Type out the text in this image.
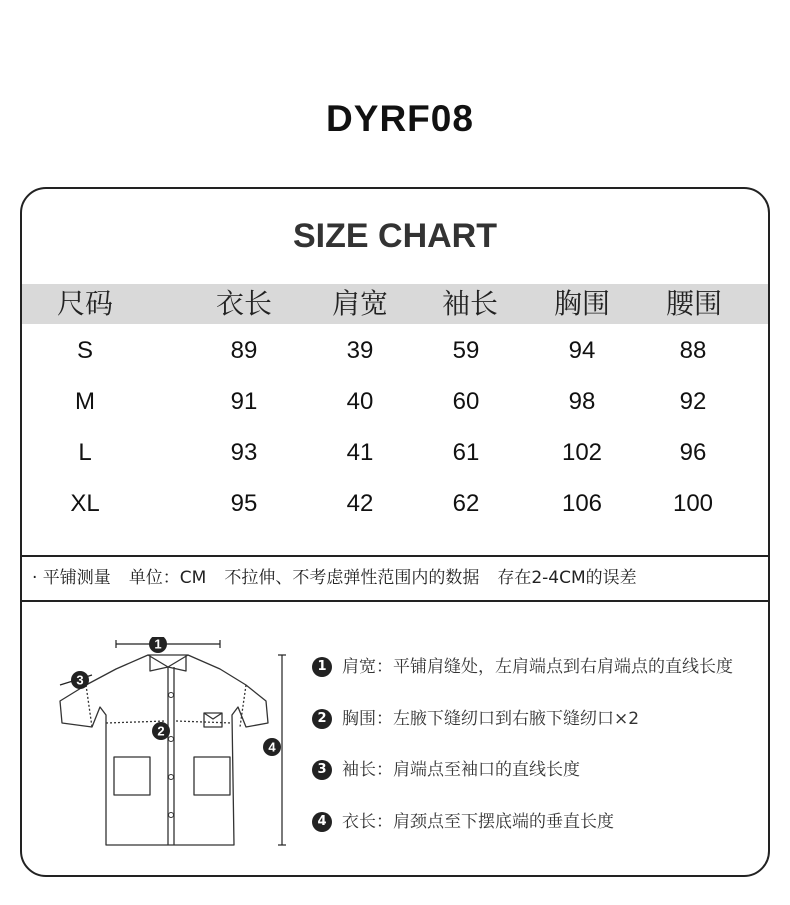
DYRF08
SIZE CHART
尺码	衣长	肩宽	袖长	胸围	腰围
S	89	39	59	94	88
M	91	40	60	98	92
L	93	41	61	102	96
XL	95	42	62	106	100
· 平铺测量 单位：CM 不拉伸、不考虑弹性范围内的数据 存在2-4CM的误差
1
2
3
4
1 肩宽：平铺肩缝处，左肩端点到右肩端点的直线长度
2 胸围：左腋下缝纫口到右腋下缝纫口×2
3 袖长：肩端点至袖口的直线长度
4 衣长：肩颈点至下摆底端的垂直长度
